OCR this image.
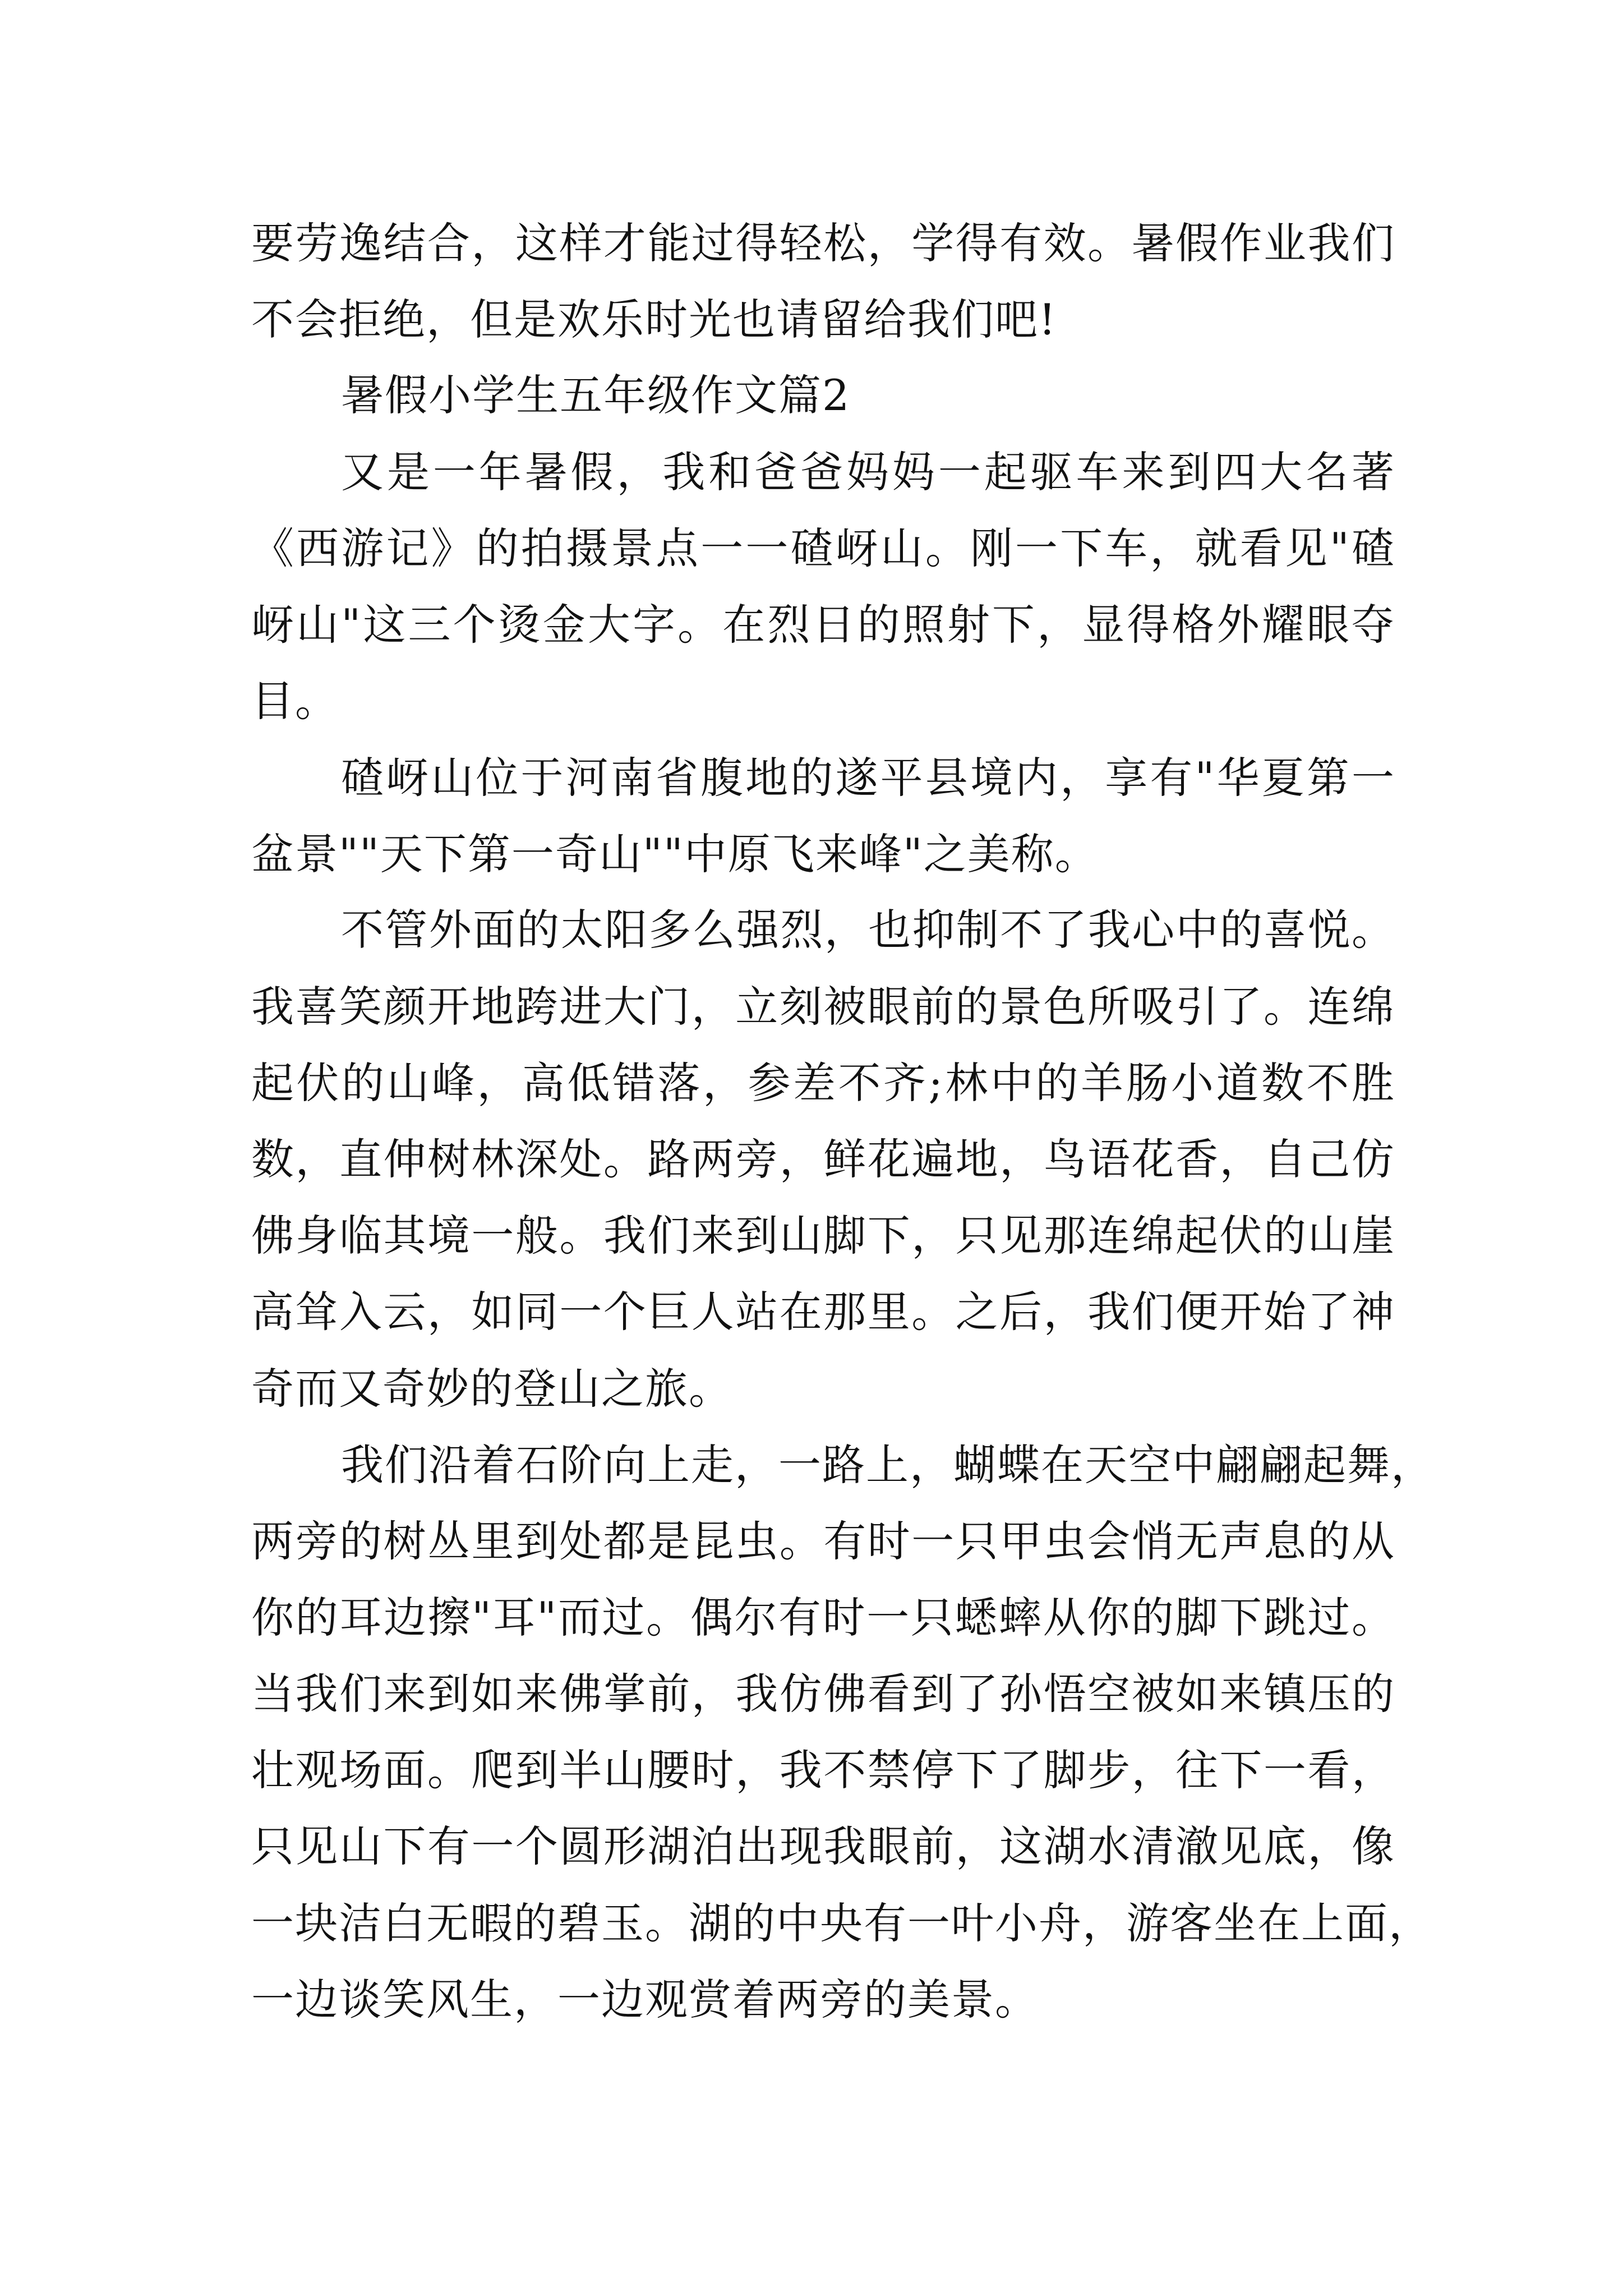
要劳逸结合，这样才能过得轻松，学得有效。暑假作业我们
不会拒绝，但是欢乐时光也请留给我们吧!
暑假小学生五年级作文篇2
又是一年暑假，我和爸爸妈妈一起驱车来到四大名著
《西游记》的拍摄景点一一碴岈山。刚一下车，就看见"碴
岈山"这三个烫金大字。在烈日的照射下，显得格外耀眼夺
目。
碴岈山位于河南省腹地的遂平县境内，享有"华夏第一
盆景""天下第一奇山""中原飞来峰"之美称。
不管外面的太阳多么强烈，也抑制不了我心中的喜悦。
我喜笑颜开地跨进大门，立刻被眼前的景色所吸引了。连绵
起伏的山峰，高低错落，参差不齐;林中的羊肠小道数不胜
数，直伸树林深处。路两旁，鲜花遍地，鸟语花香，自己仿
佛身临其境一般。我们来到山脚下，只见那连绵起伏的山崖
高耸入云，如同一个巨人站在那里。之后，我们便开始了神
奇而又奇妙的登山之旅。
我们沿着石阶向上走，一路上，蝴蝶在天空中翩翩起舞，
两旁的树丛里到处都是昆虫。有时一只甲虫会悄无声息的从
你的耳边擦"耳"而过。偶尔有时一只蟋蟀从你的脚下跳过。
当我们来到如来佛掌前，我仿佛看到了孙悟空被如来镇压的
壮观场面。爬到半山腰时，我不禁停下了脚步，往下一看，
只见山下有一个圆形湖泊出现我眼前，这湖水清澈见底，像
一块洁白无暇的碧玉。湖的中央有一叶小舟，游客坐在上面，
一边谈笑风生，一边观赏着两旁的美景。
